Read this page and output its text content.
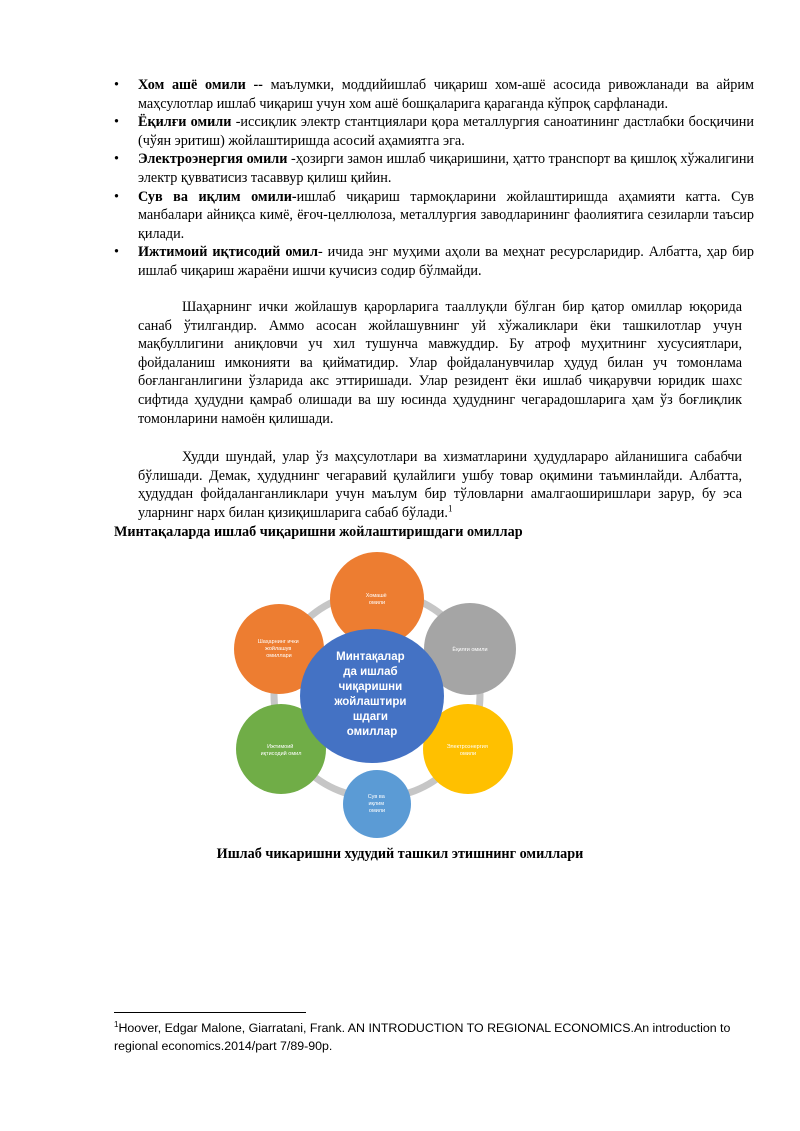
• Хом ашё омили -- маълумки, моддийишлаб чиқариш хом-ашё асосида ривожланади ва айрим маҳсулотлар ишлаб чиқариш учун хом ашё бошқаларига қараганда кўпроқ сарфланади.
• Ёқилғи омили -иссиқлик электр стантциялари қора металлургия саноатининг дастлабки босқичини (чўян эритиш) жойлаштиришда асосий аҳамиятга эга.
• Электроэнергия омили -ҳозирги замон ишлаб чиқаришини, ҳатто транспорт ва қишлоқ хўжалигини электр қувватисиз тасаввур қилиш қийин.
• Сув ва иқлим омили-ишлаб чиқариш тармоқларини жойлаштиришда аҳамияти катта. Сув манбалари айниқса кимё, ёғоч-целлюлоза, металлургия заводларининг фаолиятига сезиларли таъсир қилади.
• Ижтимоий иқтисодий омил- ичида энг муҳими аҳоли ва меҳнат ресурсларидир. Албатта, ҳар бир ишлаб чиқариш жараёни ишчи кучисиз содир бўлмайди.

Шаҳарнинг ички жойлашув қарорларига тааллуқли бўлган бир қатор омиллар юқорида санаб ўтилгандир. Аммо асосан жойлашувнинг уй хўжаликлари ёки ташкилотлар учун мақбуллигини аниқловчи уч хил тушунча мавжуддир. Бу атроф муҳитнинг хусусиятлари, фойдаланиш имконияти ва қийматидир. Улар фойдаланувчилар ҳудуд билан уч томонлама боғланганлигини ўзларида акс эттиришади. Улар резидент ёки ишлаб чиқарувчи юридик шахс сифтида ҳудудни қамраб олишади ва шу юсинда ҳудуднинг чегарадошларига ҳам ўз боғлиқлик томонларини намоён қилишади.

Худди шундай, улар ўз маҳсулотлари ва хизматларини ҳудудлараро айланишига сабабчи бўлишади. Демак, ҳудуднинг чегаравий қулайлиги ушбу товар оқимини таъминлайди. Албатта, ҳудуддан фойдаланганликлари учун маълум бир тўловларни амалгаоширишлари зарур, бу эса уларнинг нарх билан қизиқишларига сабаб бўлади.$^1$

Минтақаларда ишлаб чиқаришни жойлаштиришдаги омиллар

Хомашё омили
Ёқилғи омили
Электроэнергия омили
Сув ва иқлим омили
Ижтимоий иқтисодий омил
Шаҳарнинг ички жойлашув омиллари	Минтақалар да ишлаб чиқаришни жойлаштири шдаги омиллар

Ишлаб чикаришни худудий ташкил этишнинг омиллари

$^1$Hoover, Edgar Malone, Giarratani, Frank. AN INTRODUCTION TO REGIONAL ECONOMICS.An introduction to regional economics.2014/part 7/89-90p.
